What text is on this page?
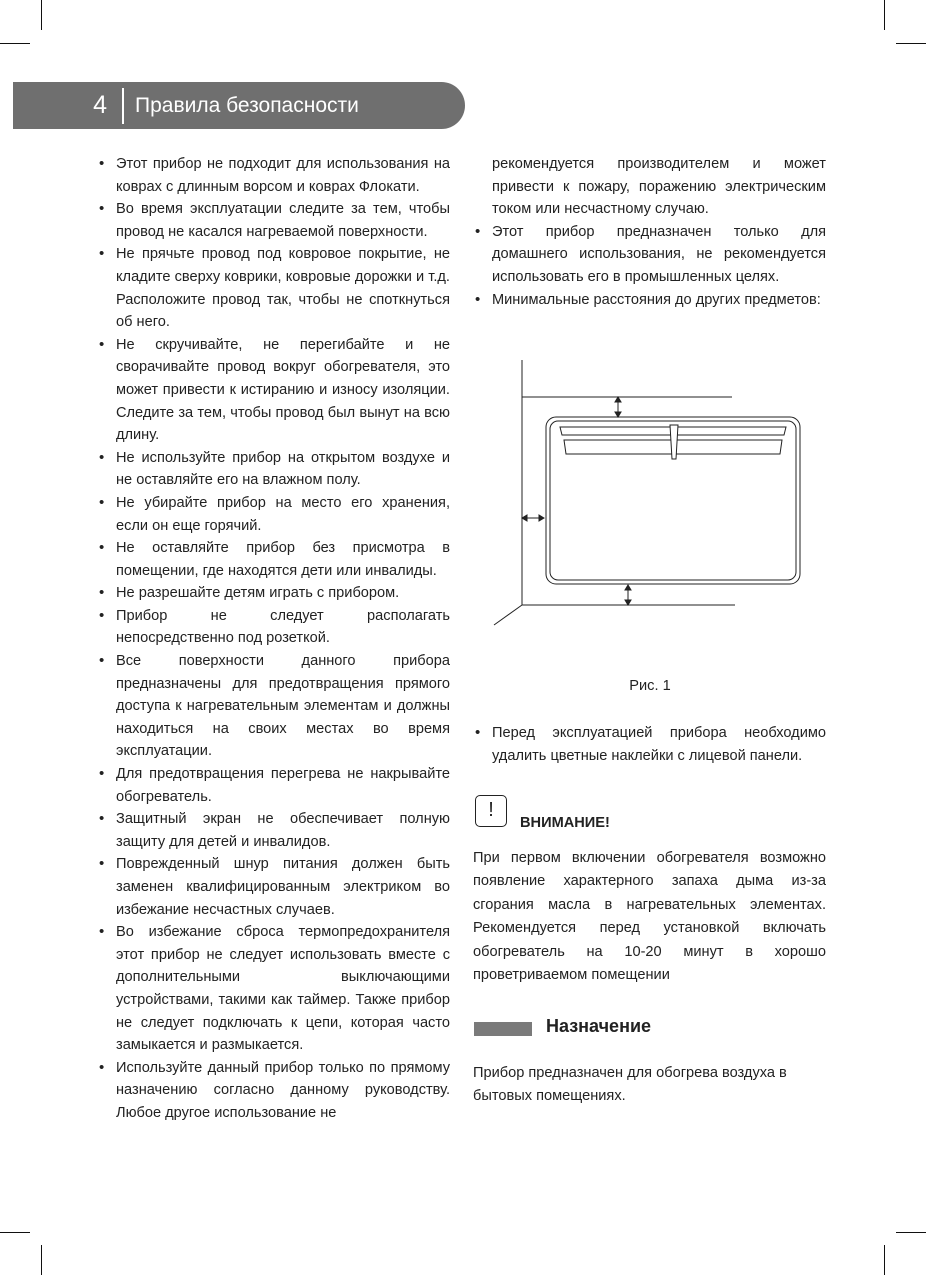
4	Правила безопасности
• Этот прибор не подходит для использования на коврах с длинным ворсом и коврах Флокати.
• Во время эксплуатации следите за тем, чтобы провод не касался нагреваемой поверхности.
• Не прячьте провод под ковровое покрытие, не кладите сверху коврики, ковровые дорожки и т.д. Расположите провод так, чтобы не споткнуться об него.
• Не скручивайте, не перегибайте и не сворачивайте провод вокруг обогревателя, это может привести к истиранию и износу изоляции. Следите за тем, чтобы провод был вынут на всю длину.
• Не используйте прибор на открытом воздухе и не оставляйте его на влажном полу.
• Не убирайте прибор на место его хранения, если он еще горячий.
• Не оставляйте прибор без присмотра в помещении, где находятся дети или инвалиды.
• Не разрешайте детям играть с прибором.
• Прибор не следует располагать непосредственно под розеткой.
• Все поверхности данного прибора предназначены для предотвращения прямого доступа к нагревательным элементам и должны находиться на своих местах во время эксплуатации.
• Для предотвращения перегрева не накрывайте обогреватель.
• Защитный экран не обеспечивает полную защиту для детей и инвалидов.
• Поврежденный шнур питания должен быть заменен квалифицированным электриком во избежание несчастных случаев.
• Во избежание сброса термопредохранителя этот прибор не следует использовать вместе с дополнительными выключающими устройствами, такими как таймер. Также прибор не следует подключать к цепи, которая часто замыкается и размыкается.
• Используйте данный прибор только по прямому назначению согласно данному руководству. Любое другое использование не

рекомендуется производителем и может привести к пожару, поражению электрическим током или несчастному случаю.

• Этот прибор предназначен только для домашнего использования, не рекомендуется использовать его в промышленных целях.
• Минимальные расстояния до других предметов:
Рис. 1
• Перед эксплуатацией прибора необходимо удалить цветные наклейки с лицевой панели.
!
ВНИМАНИЕ!
При первом включении обогревателя возможно появление характерного запаха дыма из-за сгорания масла в нагревательных элементах. Рекомендуется перед установкой включать обогреватель на 10-20 минут в хорошо проветриваемом помещении
Назначение
Прибор предназначен для обогрева воздуха в бытовых помещениях.
